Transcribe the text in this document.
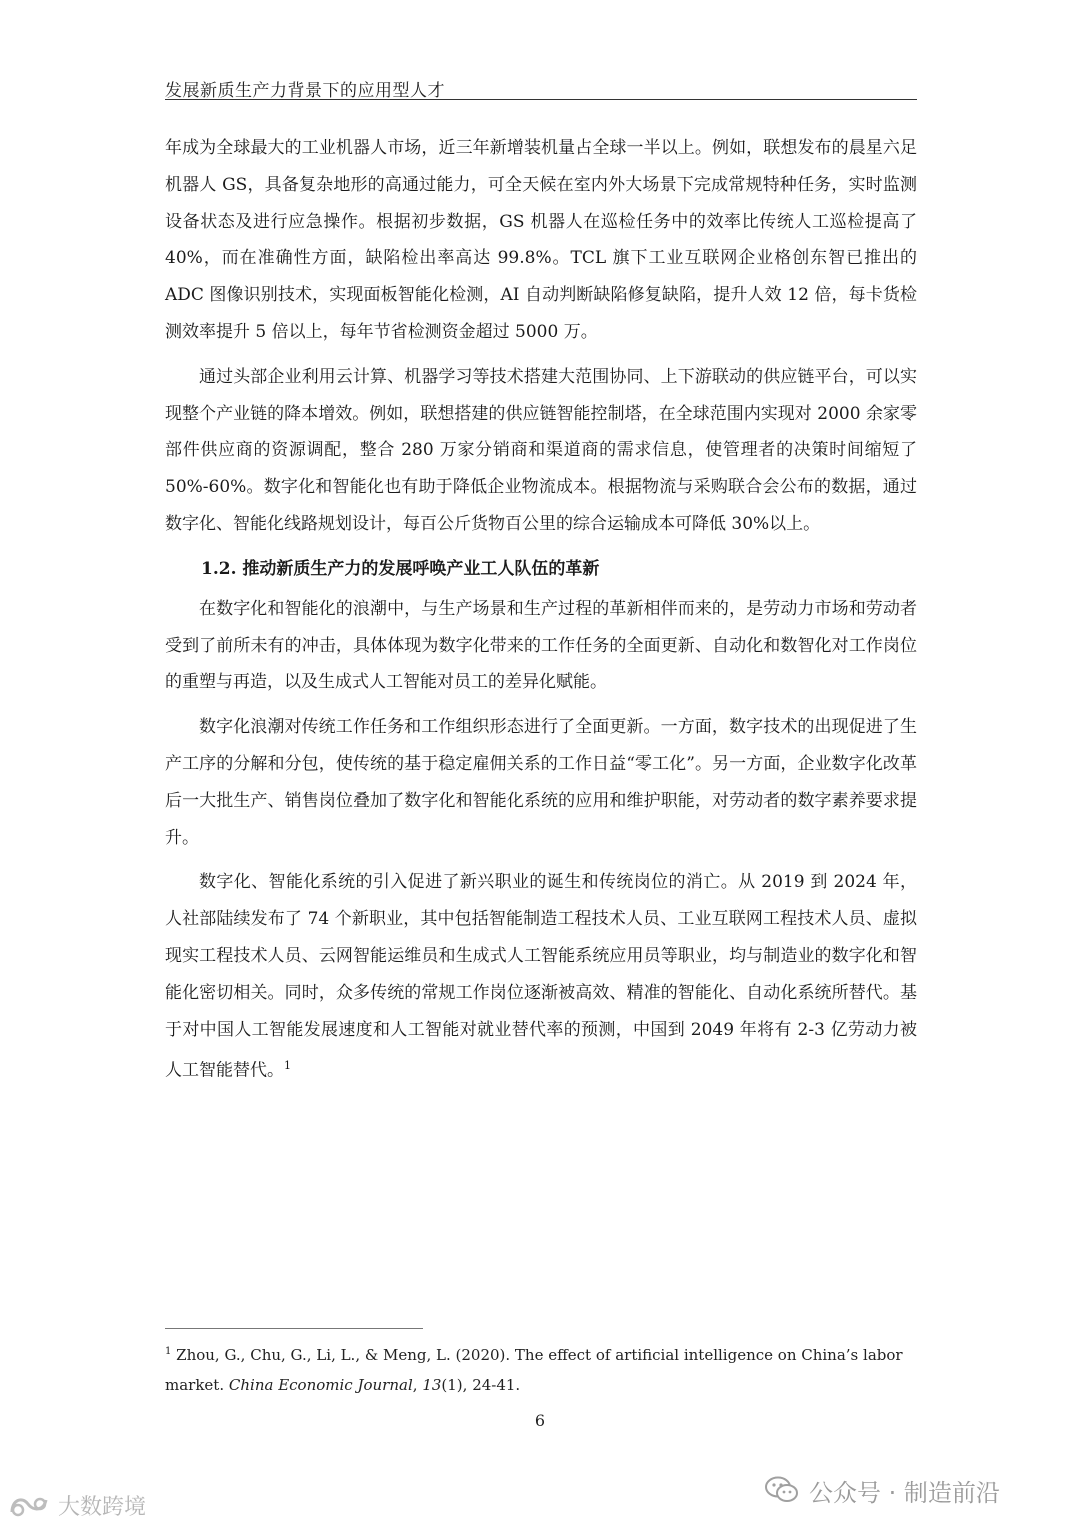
发展新质生产力背景下的应用型人才

年成为全球最大的工业机器人市场，近三年新增装机量占全球一半以上。例如，联想发布的晨星六足机器人 GS，具备复杂地形的高通过能力，可全天候在室内外大场景下完成常规特种任务，实时监测设备状态及进行应急操作。根据初步数据，GS 机器人在巡检任务中的效率比传统人工巡检提高了 40%，而在准确性方面，缺陷检出率高达 99.8%。TCL 旗下工业互联网企业格创东智已推出的 ADC 图像识别技术，实现面板智能化检测，AI 自动判断缺陷修复缺陷，提升人效 12 倍，每卡货检测效率提升 5 倍以上，每年节省检测资金超过 5000 万。

通过头部企业利用云计算、机器学习等技术搭建大范围协同、上下游联动的供应链平台，可以实现整个产业链的降本增效。例如，联想搭建的供应链智能控制塔，在全球范围内实现对 2000 余家零部件供应商的资源调配，整合 280 万家分销商和渠道商的需求信息，使管理者的决策时间缩短了 50%-60%。数字化和智能化也有助于降低企业物流成本。根据物流与采购联合会公布的数据，通过数字化、智能化线路规划设计，每百公斤货物百公里的综合运输成本可降低 30%以上。

1.2. 推动新质生产力的发展呼唤产业工人队伍的革新

在数字化和智能化的浪潮中，与生产场景和生产过程的革新相伴而来的，是劳动力市场和劳动者受到了前所未有的冲击，具体体现为数字化带来的工作任务的全面更新、自动化和数智化对工作岗位的重塑与再造，以及生成式人工智能对员工的差异化赋能。

数字化浪潮对传统工作任务和工作组织形态进行了全面更新。一方面，数字技术的出现促进了生产工序的分解和分包，使传统的基于稳定雇佣关系的工作日益“零工化”。另一方面，企业数字化改革后一大批生产、销售岗位叠加了数字化和智能化系统的应用和维护职能，对劳动者的数字素养要求提升。

数字化、智能化系统的引入促进了新兴职业的诞生和传统岗位的消亡。从 2019 到 2024 年，人社部陆续发布了 74 个新职业，其中包括智能制造工程技术人员、工业互联网工程技术人员、虚拟现实工程技术人员、云网智能运维员和生成式人工智能系统应用员等职业，均与制造业的数字化和智能化密切相关。同时，众多传统的常规工作岗位逐渐被高效、精准的智能化、自动化系统所替代。基于对中国人工智能发展速度和人工智能对就业替代率的预测，中国到 2049 年将有 2-3 亿劳动力被人工智能替代。$^1$

$^1$ Zhou, G., Chu, G., Li, L., & Meng, L. (2020). The effect of artificial intelligence on China’s labor market. China Economic Journal, 13(1), 24-41.
6
公众号 · 制造前沿
大数跨境
